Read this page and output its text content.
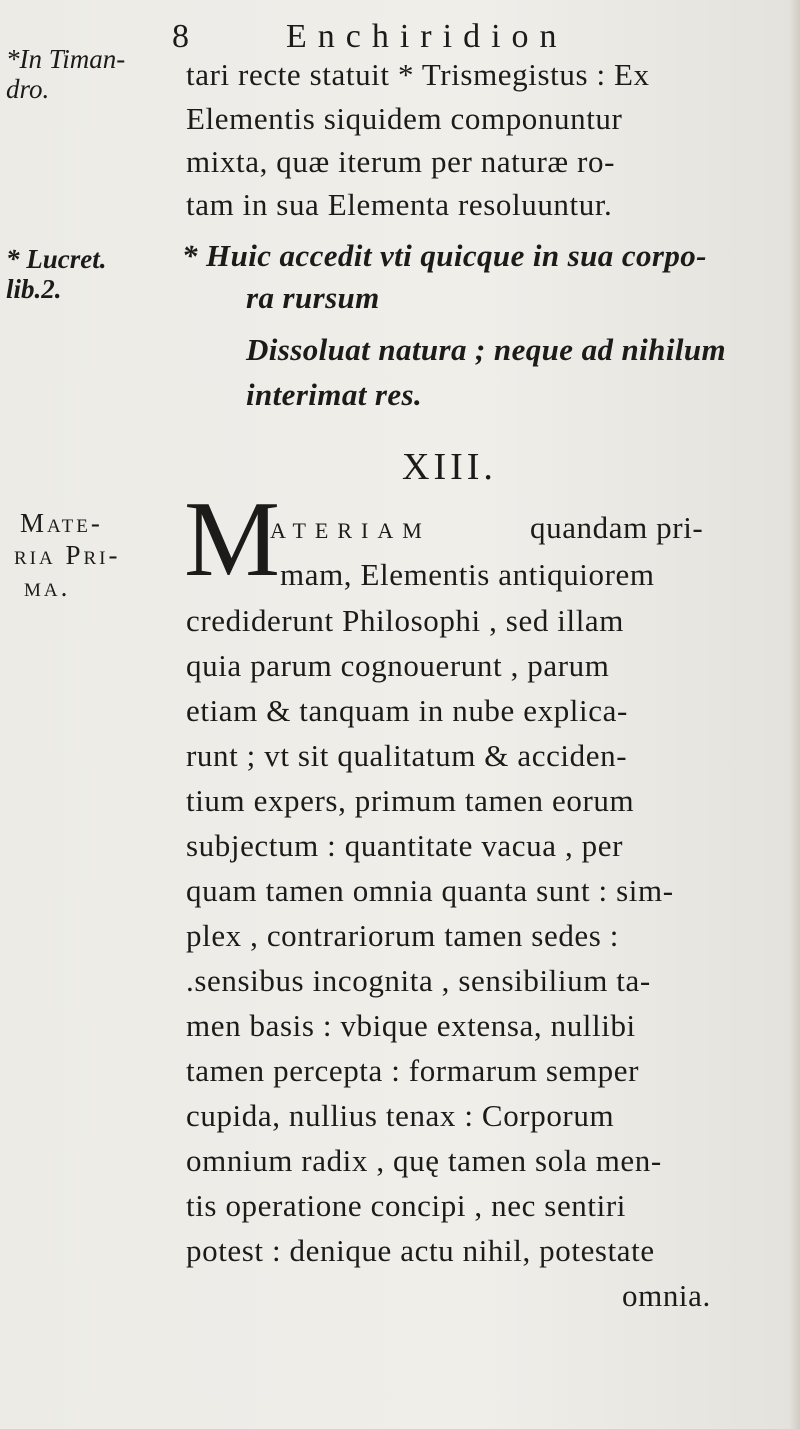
8	Enchiridion
*In Timan-
dro.
* Lucret.
lib.2.
Mate-
ria Pri-
ma.
tari recte statuit * Trismegistus : Ex
Elementis siquidem componuntur
mixta, quæ iterum per naturæ ro-
tam in sua Elementa resoluuntur.
* Huic accedit vti quicque in sua corpo-
ra rursum
Dissoluat natura ; neque ad nihilum
interimat res.
XIII.
M
ateriam	quandam pri-
mam, Elementis antiquiorem
crediderunt Philosophi , sed illam
quia parum cognouerunt , parum
etiam & tanquam in nube explica-
runt ; vt sit qualitatum & acciden-
tium expers, primum tamen eorum
subjectum : quantitate vacua , per
quam tamen omnia quanta sunt : sim-
plex , contrariorum tamen sedes :
.sensibus incognita , sensibilium ta-
men basis : vbique extensa, nullibi
tamen percepta : formarum semper
cupida, nullius tenax : Corporum
omnium radix , quę tamen sola men-
tis operatione concipi , nec sentiri
potest : denique actu nihil, potestate
omnia.
